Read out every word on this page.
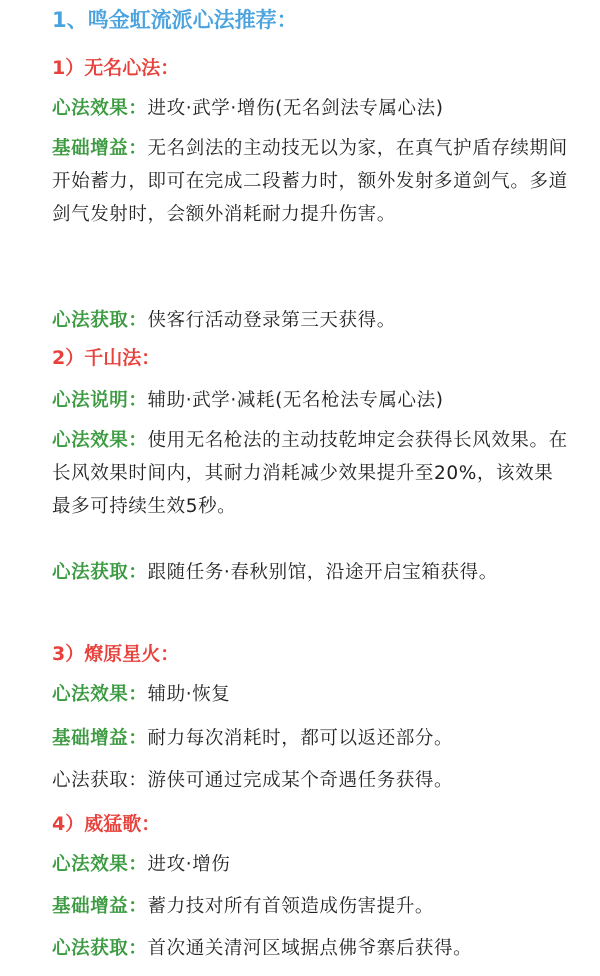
1、鸣金虹流派心法推荐：
1）无名心法：

心法效果：进攻·武学·增伤(无名剑法专属心法)

基础增益：无名剑法的主动技无以为家，在真气护盾存续期间开始蓄力，即可在完成二段蓄力时，额外发射多道剑气。多道剑气发射时，会额外消耗耐力提升伤害。

心法获取：侠客行活动登录第三天获得。

2）千山法：

心法说明：辅助·武学·减耗(无名枪法专属心法)

心法效果：使用无名枪法的主动技乾坤定会获得长风效果。在长风效果时间内，其耐力消耗减少效果提升至20%，该效果最多可持续生效5秒。

心法获取：跟随任务·春秋别馆，沿途开启宝箱获得。

3）燎原星火：

心法效果：辅助·恢复

基础增益：耐力每次消耗时，都可以返还部分。

心法获取：游侠可通过完成某个奇遇任务获得。

4）威猛歌：

心法效果：进攻·增伤

基础增益：蓄力技对所有首领造成伤害提升。

心法获取：首次通关清河区域据点佛爷寨后获得。
